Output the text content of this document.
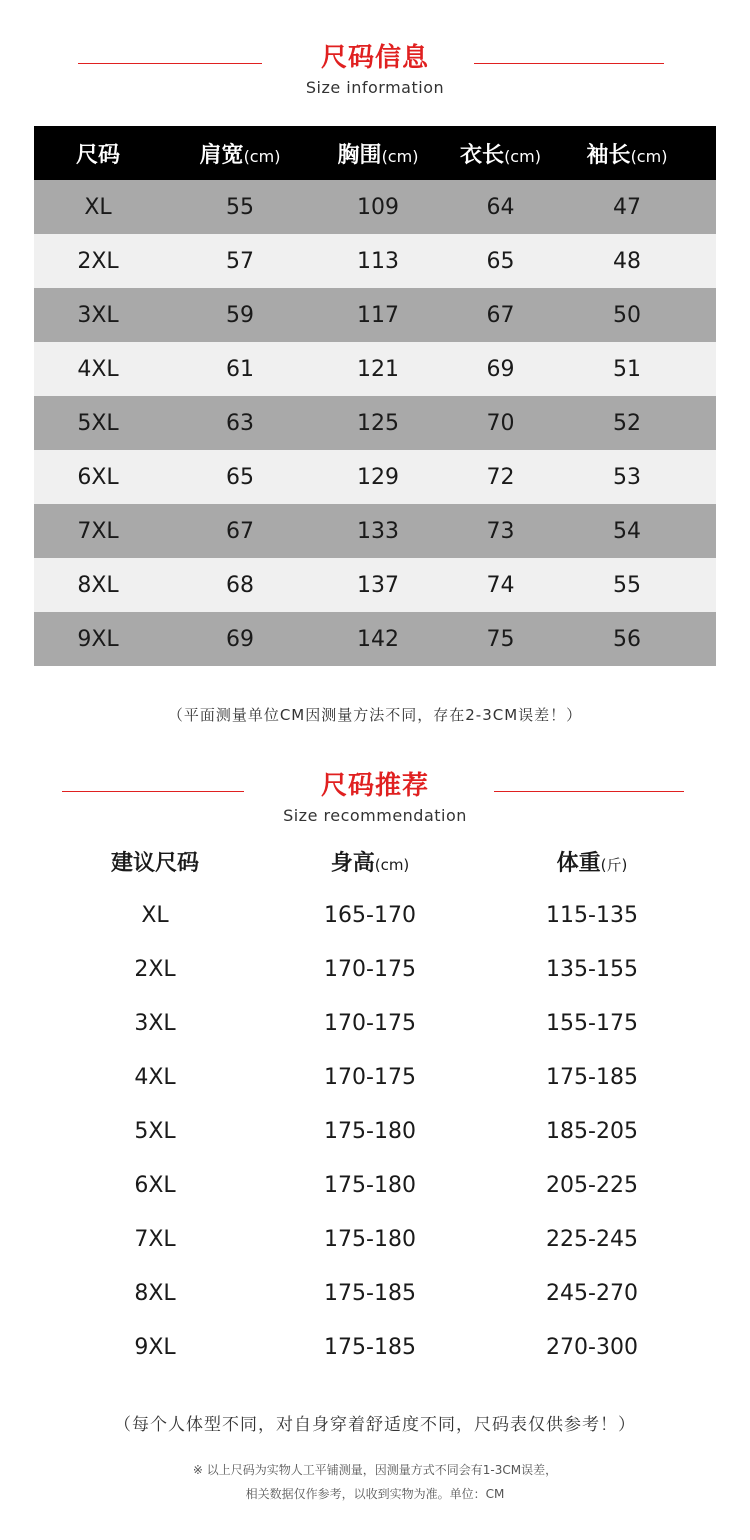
尺码信息
Size information
尺码	肩宽(cm)	胸围(cm)	衣长(cm)	袖长(cm)
XL	55	109	64	47
2XL	57	113	65	48
3XL	59	117	67	50
4XL	61	121	69	51
5XL	63	125	70	52
6XL	65	129	72	53
7XL	67	133	73	54
8XL	68	137	74	55
9XL	69	142	75	56
（平面测量单位CM因测量方法不同，存在2-3CM误差！）
尺码推荐
Size recommendation
建议尺码	身高(cm)	体重(斤)
XL	165-170	115-135
2XL	170-175	135-155
3XL	170-175	155-175
4XL	170-175	175-185
5XL	175-180	185-205
6XL	175-180	205-225
7XL	175-180	225-245
8XL	175-185	245-270
9XL	175-185	270-300
（每个人体型不同，对自身穿着舒适度不同，尺码表仅供参考！）
※ 以上尺码为实物人工平铺测量，因测量方式不同会有1-3CM误差，
相关数据仅作参考，以收到实物为准。单位：CM
